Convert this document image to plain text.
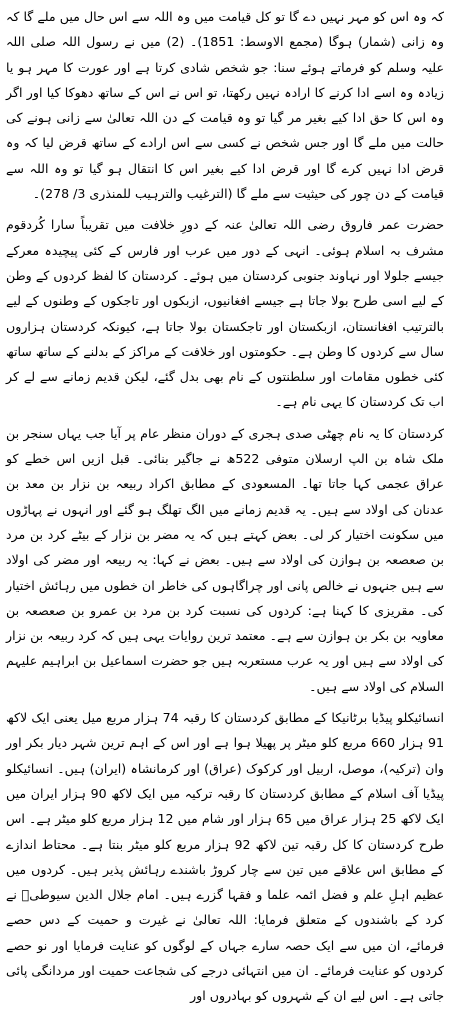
کہ وہ اس کو مہر نہیں دے گا تو کل قیامت میں وہ اللہ سے اس حال میں ملے گا کہ وہ زانی (شمار) ہوگا (مجمع الاوسط: 1851)۔ (2) میں نے رسول اللہ صلی اللہ علیہ وسلم کو فرماتے ہوئے سنا: جو شخص شادی کرتا ہے اور عورت کا مہر ہو یا زیادہ وہ اسے ادا کرنے کا ارادہ نہیں رکھتا، تو اس نے اس کے ساتھ دھوکا کیا اور اگر وہ اس کا حق ادا کیے بغیر مر گیا تو وہ قیامت کے دن اللہ تعالیٰ سے زانی ہونے کی حالت میں ملے گا اور جس شخص نے کسی سے اس ارادے کے ساتھ قرض لیا کہ وہ قرض ادا نہیں کرے گا اور قرض ادا کیے بغیر اس کا انتقال ہو گیا تو وہ اللہ سے قیامت کے دن چور کی حیثیت سے ملے گا (الترغیب والترہیب للمنذری 3/ 278)۔

حضرت عمر فاروق رضی اللہ تعالیٰ عنہ کے دورِ خلافت میں تقریباً سارا کُردقوم مشرف بہ اسلام ہوئی۔ انہی کے دور میں عرب اور فارس کے کئی پیچیدہ معرکے جیسے جلولا اور نہاوند جنوبی کردستان میں ہوئے۔ کردستان کا لفظ کردوں کے وطن کے لیے اسی طرح بولا جاتا ہے جیسے افغانیوں، ازبکوں اور تاجکوں کے وطنوں کے لیے بالترتیب افغانستان، ازبکستان اور تاجکستان بولا جاتا ہے، کیونکہ کردستان ہزاروں سال سے کردوں کا وطن ہے۔ حکومتوں اور خلافت کے مراکز کے بدلنے کے ساتھ ساتھ کئی خطوں مقامات اور سلطنتوں کے نام بھی بدل گئے، لیکن قدیم زمانے سے لے کر اب تک کردستان کا یہی نام ہے۔

کردستان کا یہ نام چھٹی صدی ہجری کے دوران منظر عام پر آیا جب یہاں سنجر بن ملک شاہ بن الپ ارسلان متوفی 522ھ نے جاگیر بنائی۔ قبل ازیں اس خطے کو عراق عجمی کہا جاتا تھا۔ المسعودی کے مطابق اکراد ربیعہ بن نزار بن معد بن عدنان کی اولاد سے ہیں۔ یہ قدیم زمانے میں الگ تھلگ ہو گئے اور انہوں نے پہاڑوں میں سکونت اختیار کر لی۔ بعض کہتے ہیں کہ یہ مضر بن نزار کے بیٹے کرد بن مرد بن صعصعہ بن ہوازن کی اولاد سے ہیں۔ بعض نے کہا: یہ ربیعہ اور مضر کی اولاد سے ہیں جنہوں نے خالص پانی اور چراگاہوں کی خاطر ان خطوں میں رہائش اختیار کی۔ مقریزی کا کہنا ہے: کردوں کی نسبت کرد بن مرد بن عمرو بن صعصعہ بن معاویہ بن بکر بن ہوازن سے ہے۔ معتمد ترین روایات یہی ہیں کہ کرد ربیعہ بن نزار کی اولاد سے ہیں اور یہ عرب مستعربہ ہیں جو حضرت اسماعیل بن ابراہیم علیہم السلام کی اولاد سے ہیں۔

انسائیکلو پیڈیا برٹانیکا کے مطابق کردستان کا رقبہ 74 ہزار مربع میل یعنی ایک لاکھ 91 ہزار 660 مربع کلو میٹر پر پھیلا ہوا ہے اور اس کے اہم ترین شہر دیار بکر اور وان (ترکیہ)، موصل، اربیل اور کرکوک (عراق) اور کرمانشاہ (ایران) ہیں۔ انسائیکلو پیڈیا آف اسلام کے مطابق کردستان کا رقبہ ترکیہ میں ایک لاکھ 90 ہزار ایران میں ایک لاکھ 25 ہزار عراق میں 65 ہزار اور شام میں 12 ہزار مربع کلو میٹر ہے۔ اس طرح کردستان کا کل رقبہ تین لاکھ 92 ہزار مربع کلو میٹر بنتا ہے۔ محتاط اندازے کے مطابق اس علاقے میں تین سے چار کروڑ باشندے رہائش پذیر ہیں۔ کردوں میں عظیم اہلِ علم و فضل ائمہ علما و فقہا گزرے ہیں۔ امام جلال الدین سیوطیؒ نے کرد کے باشندوں کے متعلق فرمایا: اللہ تعالیٰ نے غیرت و حمیت کے دس حصے فرمائے، ان میں سے ایک حصہ سارے جہاں کے لوگوں کو عنایت فرمایا اور نو حصے کردوں کو عنایت فرمائے۔ ان میں انتہائی درجے کی شجاعت حمیت اور مردانگی پائی جاتی ہے۔ اس لیے ان کے شہروں کو بہادروں اور
